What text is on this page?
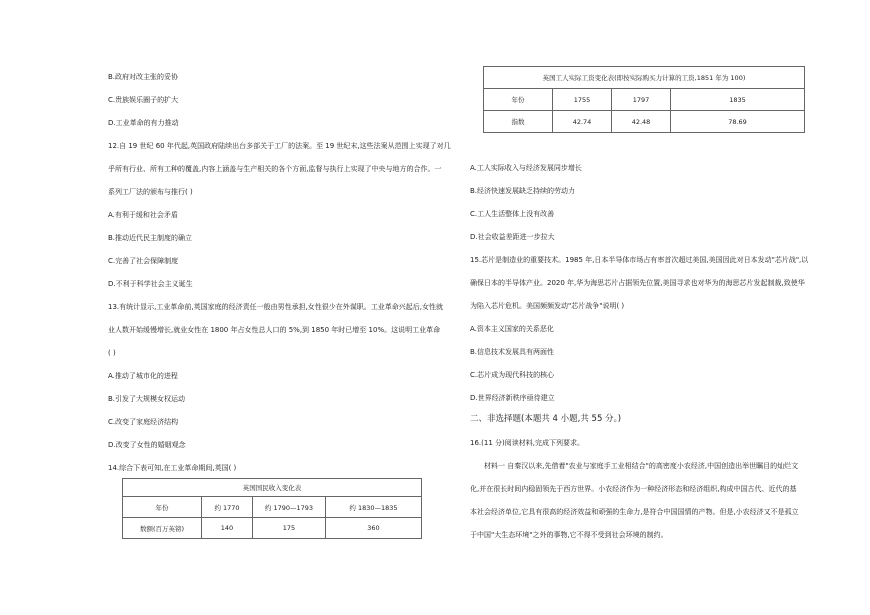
B.政府对改主张的妥协
C.贵族娱乐圈子的扩大
D.工业革命的有力推动
12.自 19 世纪 60 年代起,英国政府陆续出台多部关于工厂的法案。至 19 世纪末,这些法案从范围上实现了对几
乎所有行业、所有工种的覆盖,内容上涵盖与生产相关的各个方面,监督与执行上实现了中央与地方的合作。一
系列工厂法的颁布与推行( )
A.有利于缓和社会矛盾
B.推动近代民主制度的确立
C.完善了社会保障制度
D.不利于科学社会主义诞生
13.有统计显示,工业革命前,英国家庭的经济责任一般由男性承担,女性很少在外谋职。工业革命兴起后,女性就
业人数开始缓慢增长,就业女性在 1800 年占女性总人口的 5%,到 1850 年时已增至 10%。这说明工业革命
( )
A.推动了城市化的进程
B.引发了大规模女权运动
C.改变了家庭经济结构
D.改变了女性的婚姻观念
14.综合下表可知,在工业革命期间,英国( )
英国国民收入变化表			
年份	约 1770	约 1790—1793	约 1830—1835
数额(百万英镑)	140	175	360
英国工人实际工资变化表(即按实际购买力计算的工资,1851 年为 100)			
年份	1755	1797	1835
指数	42.74	42.48	78.69
A.工人实际收入与经济发展同步增长
B.经济快速发展缺乏持续的劳动力
C.工人生活整体上没有改善
D.社会收益差距进一步拉大
15.芯片是制造业的重要技术。1985 年,日本半导体市场占有率首次超过美国,美国因此对日本发动"芯片战",以
确保日本的半导体产业。2020 年,华为海思芯片占据领先位置,美国寻求也对华为的海思芯片发起制裁,致使华
为陷入芯片危机。美国频频发动"芯片战争"说明( )
A.资本主义国家的关系恶化
B.信息技术发展具有两面性
C.芯片成为现代科技的核心
D.世界经济新秩序亟待建立
二、非选择题(本题共 4 小题,共 55 分。)
16.(11 分)阅读材料,完成下列要求。
材料一 自秦汉以来,先借着"农业与家庭手工业相结合"的高密度小农经济,中国创造出举世瞩目的灿烂文
化,并在很长时间内稳固领先于西方世界。小农经济作为一种经济形态和经济组织,构成中国古代、近代的基
本社会经济单位,它具有很高的经济效益和顽强的生命力,是符合中国国情的产物。但是,小农经济又不是孤立
于中国"大生态环境"之外的事物,它不得不受到社会环境的制约。
